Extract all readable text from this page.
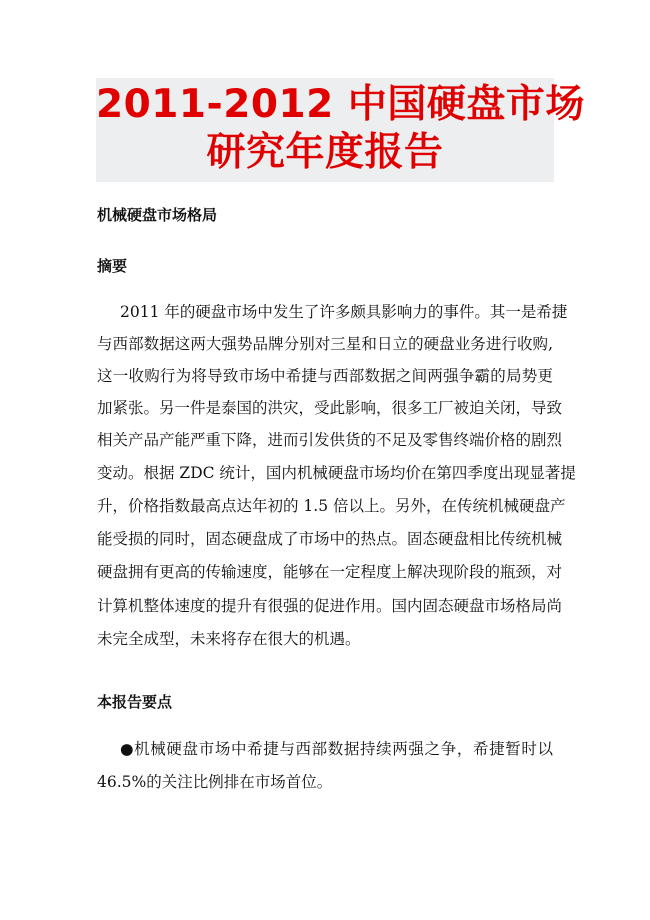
2011-2012 中国硬盘市场
研究年度报告
机械硬盘市场格局
摘要
2011 年的硬盘市场中发生了许多颇具影响力的事件。其一是希捷
与西部数据这两大强势品牌分别对三星和日立的硬盘业务进行收购,
这一收购行为将导致市场中希捷与西部数据之间两强争霸的局势更
加紧张。另一件是泰国的洪灾，受此影响，很多工厂被迫关闭，导致
相关产品产能严重下降，进而引发供货的不足及零售终端价格的剧烈
变动。根据 ZDC 统计，国内机械硬盘市场均价在第四季度出现显著提
升，价格指数最高点达年初的 1.5 倍以上。另外，在传统机械硬盘产
能受损的同时，固态硬盘成了市场中的热点。固态硬盘相比传统机械
硬盘拥有更高的传输速度，能够在一定程度上解决现阶段的瓶颈，对
计算机整体速度的提升有很强的促进作用。国内固态硬盘市场格局尚
未完全成型，未来将存在很大的机遇。
本报告要点
●机械硬盘市场中希捷与西部数据持续两强之争，希捷暂时以
46.5%的关注比例排在市场首位。
